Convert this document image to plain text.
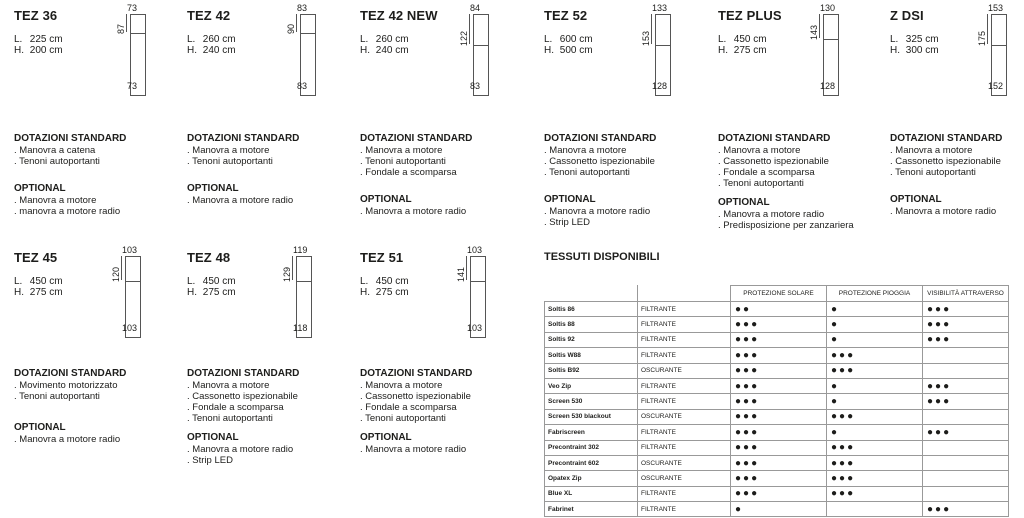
TEZ 36
L. 225 cm
H. 200 cm
DOTAZIONI STANDARD
. Manovra a catena
. Tenoni autoportanti
OPTIONAL
. Manovra a motore
. manovra a motore radio
TEZ 42
L. 260 cm
H. 240 cm
DOTAZIONI STANDARD
. Manovra a motore
. Tenoni autoportanti
OPTIONAL
. Manovra a motore radio
TEZ 42 NEW
L. 260 cm
H. 240 cm
DOTAZIONI STANDARD
. Manovra a motore
. Tenoni autoportanti
. Fondale a scomparsa
OPTIONAL
. Manovra a motore radio
TEZ 52
L. 600 cm
H. 500 cm
DOTAZIONI STANDARD
. Manovra a motore
. Cassonetto ispezionabile
. Tenoni autoportanti
OPTIONAL
. Manovra a motore radio
. Strip LED
TEZ PLUS
L. 450 cm
H. 275 cm
DOTAZIONI STANDARD
. Manovra a motore
. Cassonetto ispezionabile
. Fondale a scomparsa
. Tenoni autoportanti
OPTIONAL
. Manovra a motore radio
. Predisposizione per zanzariera
Z DSI
L. 325 cm
H. 300 cm
DOTAZIONI STANDARD
. Manovra a motore
. Cassonetto ispezionabile
. Tenoni autoportanti
OPTIONAL
. Manovra a motore radio
TEZ 45
L. 450 cm
H. 275 cm
DOTAZIONI STANDARD
. Movimento motorizzato
. Tenoni autoportanti
OPTIONAL
. Manovra a motore radio
TEZ 48
L. 450 cm
H. 275 cm
DOTAZIONI STANDARD
. Manovra a motore
. Cassonetto ispezionabile
. Fondale a scomparsa
. Tenoni autoportanti
OPTIONAL
. Manovra a motore radio
. Strip LED
TEZ 51
L. 450 cm
H. 275 cm
DOTAZIONI STANDARD
. Manovra a motore
. Cassonetto ispezionabile
. Fondale a scomparsa
. Tenoni autoportanti
OPTIONAL
. Manovra a motore radio
TESSUTI DISPONIBILI
		PROTEZIONE SOLARE	PROTEZIONE PIOGGIA	VISIBILITÀ ATTRAVERSO
Soltis 86	FILTRANTE	●●	●	●●●
Soltis 88	FILTRANTE	●●●	●	●●●
Soltis 92	FILTRANTE	●●●	●	●●●
Soltis W88	FILTRANTE	●●●	●●●	
Soltis B92	OSCURANTE	●●●	●●●	
Veo Zip	FILTRANTE	●●●	●	●●●
Screen 530	FILTRANTE	●●●	●	●●●
Screen 530 blackout	OSCURANTE	●●●	●●●	
Fabriscreen	FILTRANTE	●●●	●	●●●
Precontraint 302	FILTRANTE	●●●	●●●	
Precontraint 602	OSCURANTE	●●●	●●●	
Opatex Zip	OSCURANTE	●●●	●●●	
Blue XL	FILTRANTE	●●●	●●●	
Fabrinet	FILTRANTE	●		●●●
73
73
87
83
83
90
84
83
122
133
128
153
130
128
143
153
152
175
103
103
120
119
118
129
103
103
141
